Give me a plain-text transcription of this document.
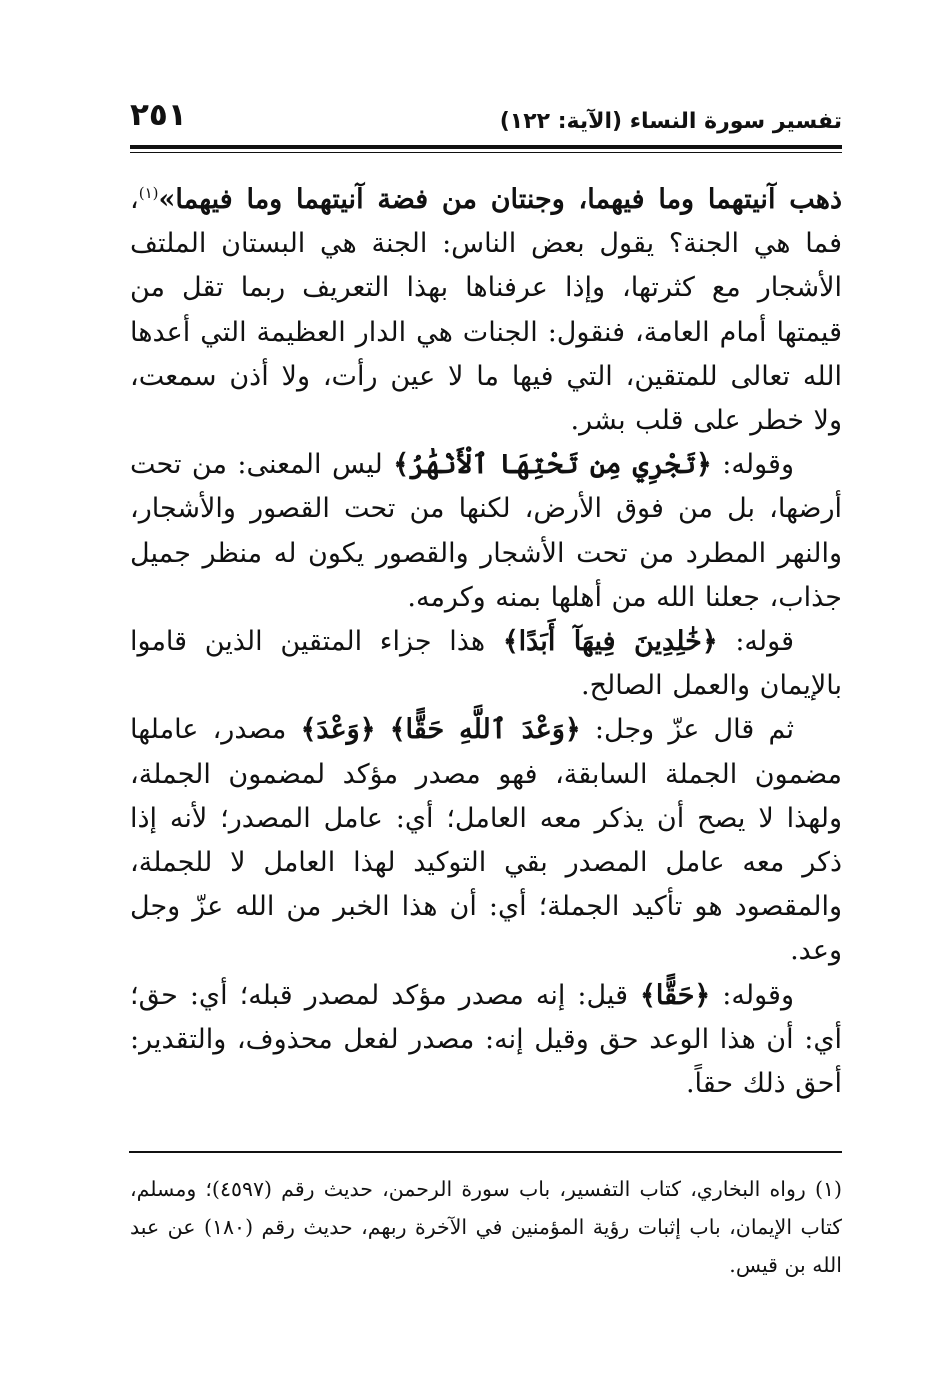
تفسير سورة النساء (الآية: ١٢٢)
٢٥١

ذهب آنيتهما وما فيهما، وجنتان من فضة آنيتهما وما فيهما»$^{(١)}$، فما هي الجنة؟ يقول بعض الناس: الجنة هي البستان الملتف الأشجار مع كثرتها، وإذا عرفناها بهذا التعريف ربما تقل من قيمتها أمام العامة، فنقول: الجنات هي الدار العظيمة التي أعدها الله تعالى للمتقين، التي فيها ما لا عين رأت، ولا أذن سمعت، ولا خطر على قلب بشر.

وقوله: ﴿تَجْرِي مِن تَحْتِهَا ٱلْأَنْهَٰرُ﴾ ليس المعنى: من تحت أرضها، بل من فوق الأرض، لكنها من تحت القصور والأشجار، والنهر المطرد من تحت الأشجار والقصور يكون له منظر جميل جذاب، جعلنا الله من أهلها بمنه وكرمه.

قوله: ﴿خَٰلِدِينَ فِيهَآ أَبَدًا﴾ هذا جزاء المتقين الذين قاموا بالإيمان والعمل الصالح.

ثم قال عزّ وجل: ﴿وَعْدَ ٱللَّهِ حَقًّا﴾ ﴿وَعْدَ﴾ مصدر، عاملها مضمون الجملة السابقة، فهو مصدر مؤكد لمضمون الجملة، ولهذا لا يصح أن يذكر معه العامل؛ أي: عامل المصدر؛ لأنه إذا ذكر معه عامل المصدر بقي التوكيد لهذا العامل لا للجملة، والمقصود هو تأكيد الجملة؛ أي: أن هذا الخبر من الله عزّ وجل وعد.

وقوله: ﴿حَقًّا﴾ قيل: إنه مصدر مؤكد لمصدر قبله؛ أي: حق؛ أي: أن هذا الوعد حق وقيل إنه: مصدر لفعل محذوف، والتقدير: أحق ذلك حقاً.

(١) رواه البخاري، كتاب التفسير، باب سورة الرحمن، حديث رقم (٤٥٩٧)؛ ومسلم، كتاب الإيمان، باب إثبات رؤية المؤمنين في الآخرة ربهم، حديث رقم (١٨٠) عن عبد الله بن قيس.
